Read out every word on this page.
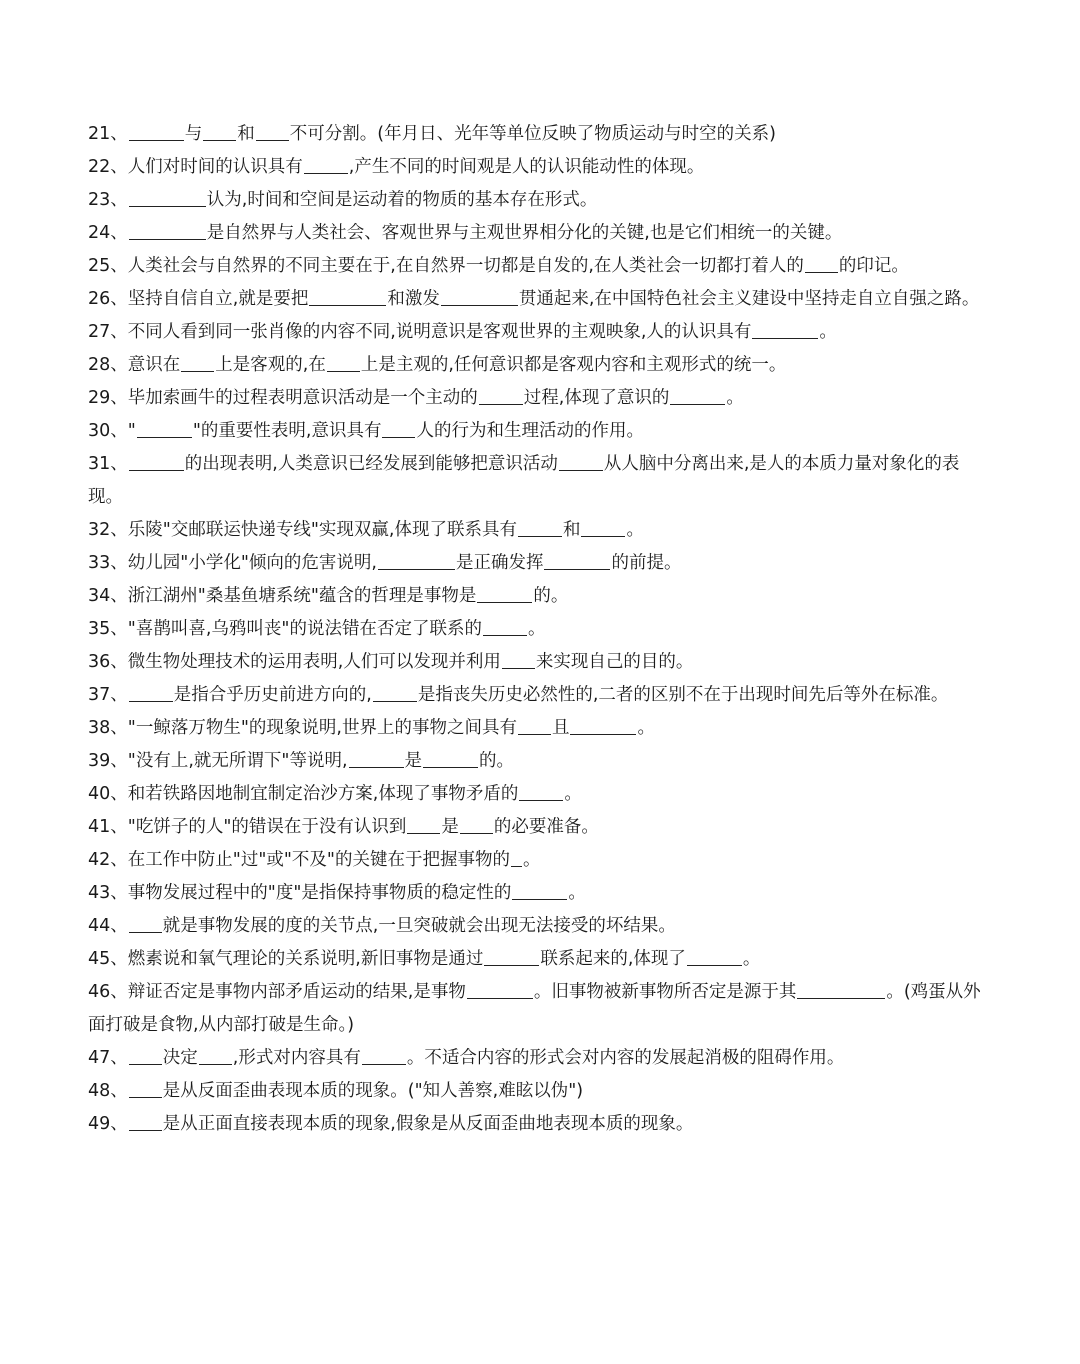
21、	与 和 不可分割。(年月日、光年等单位反映了物质运动与时空的关系)

22、人们对时间的认识具有	,产生不同的时间观是人的认识能动性的体现。

23、	认为,时间和空间是运动着的物质的基本存在形式。

24、	是自然界与人类社会、客观世界与主观世界相分化的关键,也是它们相统一的关键。

25、人类社会与自然界的不同主要在于,在自然界一切都是自发的,在人类社会一切都打着人的 的印记。

26、坚持自信自立,就是要把	和激发	贯通起来,在中国特色社会主义建设中坚持走自立自强之路。

27、不同人看到同一张肖像的内容不同,说明意识是客观世界的主观映象,人的认识具有	。

28、意识在 上是客观的,在 上是主观的,任何意识都是客观内容和主观形式的统一。

29、毕加索画牛的过程表明意识活动是一个主动的	过程,体现了意识的	。

30、"	"的重要性表明,意识具有 人的行为和生理活动的作用。

31、	的出现表明,人类意识已经发展到能够把意识活动	从人脑中分离出来,是人的本质力量对象化的表现。

32、乐陵"交邮联运快递专线"实现双赢,体现了联系具有	和	。

33、幼儿园"小学化"倾向的危害说明,	是正确发挥	的前提。

34、浙江湖州"桑基鱼塘系统"蕴含的哲理是事物是	的。

35、"喜鹊叫喜,乌鸦叫丧"的说法错在否定了联系的	。

36、微生物处理技术的运用表明,人们可以发现并利用 来实现自己的目的。

37、	是指合乎历史前进方向的,	是指丧失历史必然性的,二者的区别不在于出现时间先后等外在标准。

38、"一鲸落万物生"的现象说明,世界上的事物之间具有 且	。

39、"没有上,就无所谓下"等说明,	是	的。

40、和若铁路因地制宜制定治沙方案,体现了事物矛盾的	。

41、"吃饼子的人"的错误在于没有认识到 是 的必要准备。

42、在工作中防止"过"或"不及"的关键在于把握事物的 。

43、事物发展过程中的"度"是指保持事物质的稳定性的	。

44、 就是事物发展的度的关节点,一旦突破就会出现无法接受的坏结果。

45、燃素说和氧气理论的关系说明,新旧事物是通过	联系起来的,体现了	。

46、辩证否定是事物内部矛盾运动的结果,是事物	。旧事物被新事物所否定是源于其	。(鸡蛋从外面打破是食物,从内部打破是生命。)

47、 决定 ,形式对内容具有	。不适合内容的形式会对内容的发展起消极的阻碍作用。

48、 是从反面歪曲表现本质的现象。("知人善察,难眩以伪")

49、 是从正面直接表现本质的现象,假象是从反面歪曲地表现本质的现象。
